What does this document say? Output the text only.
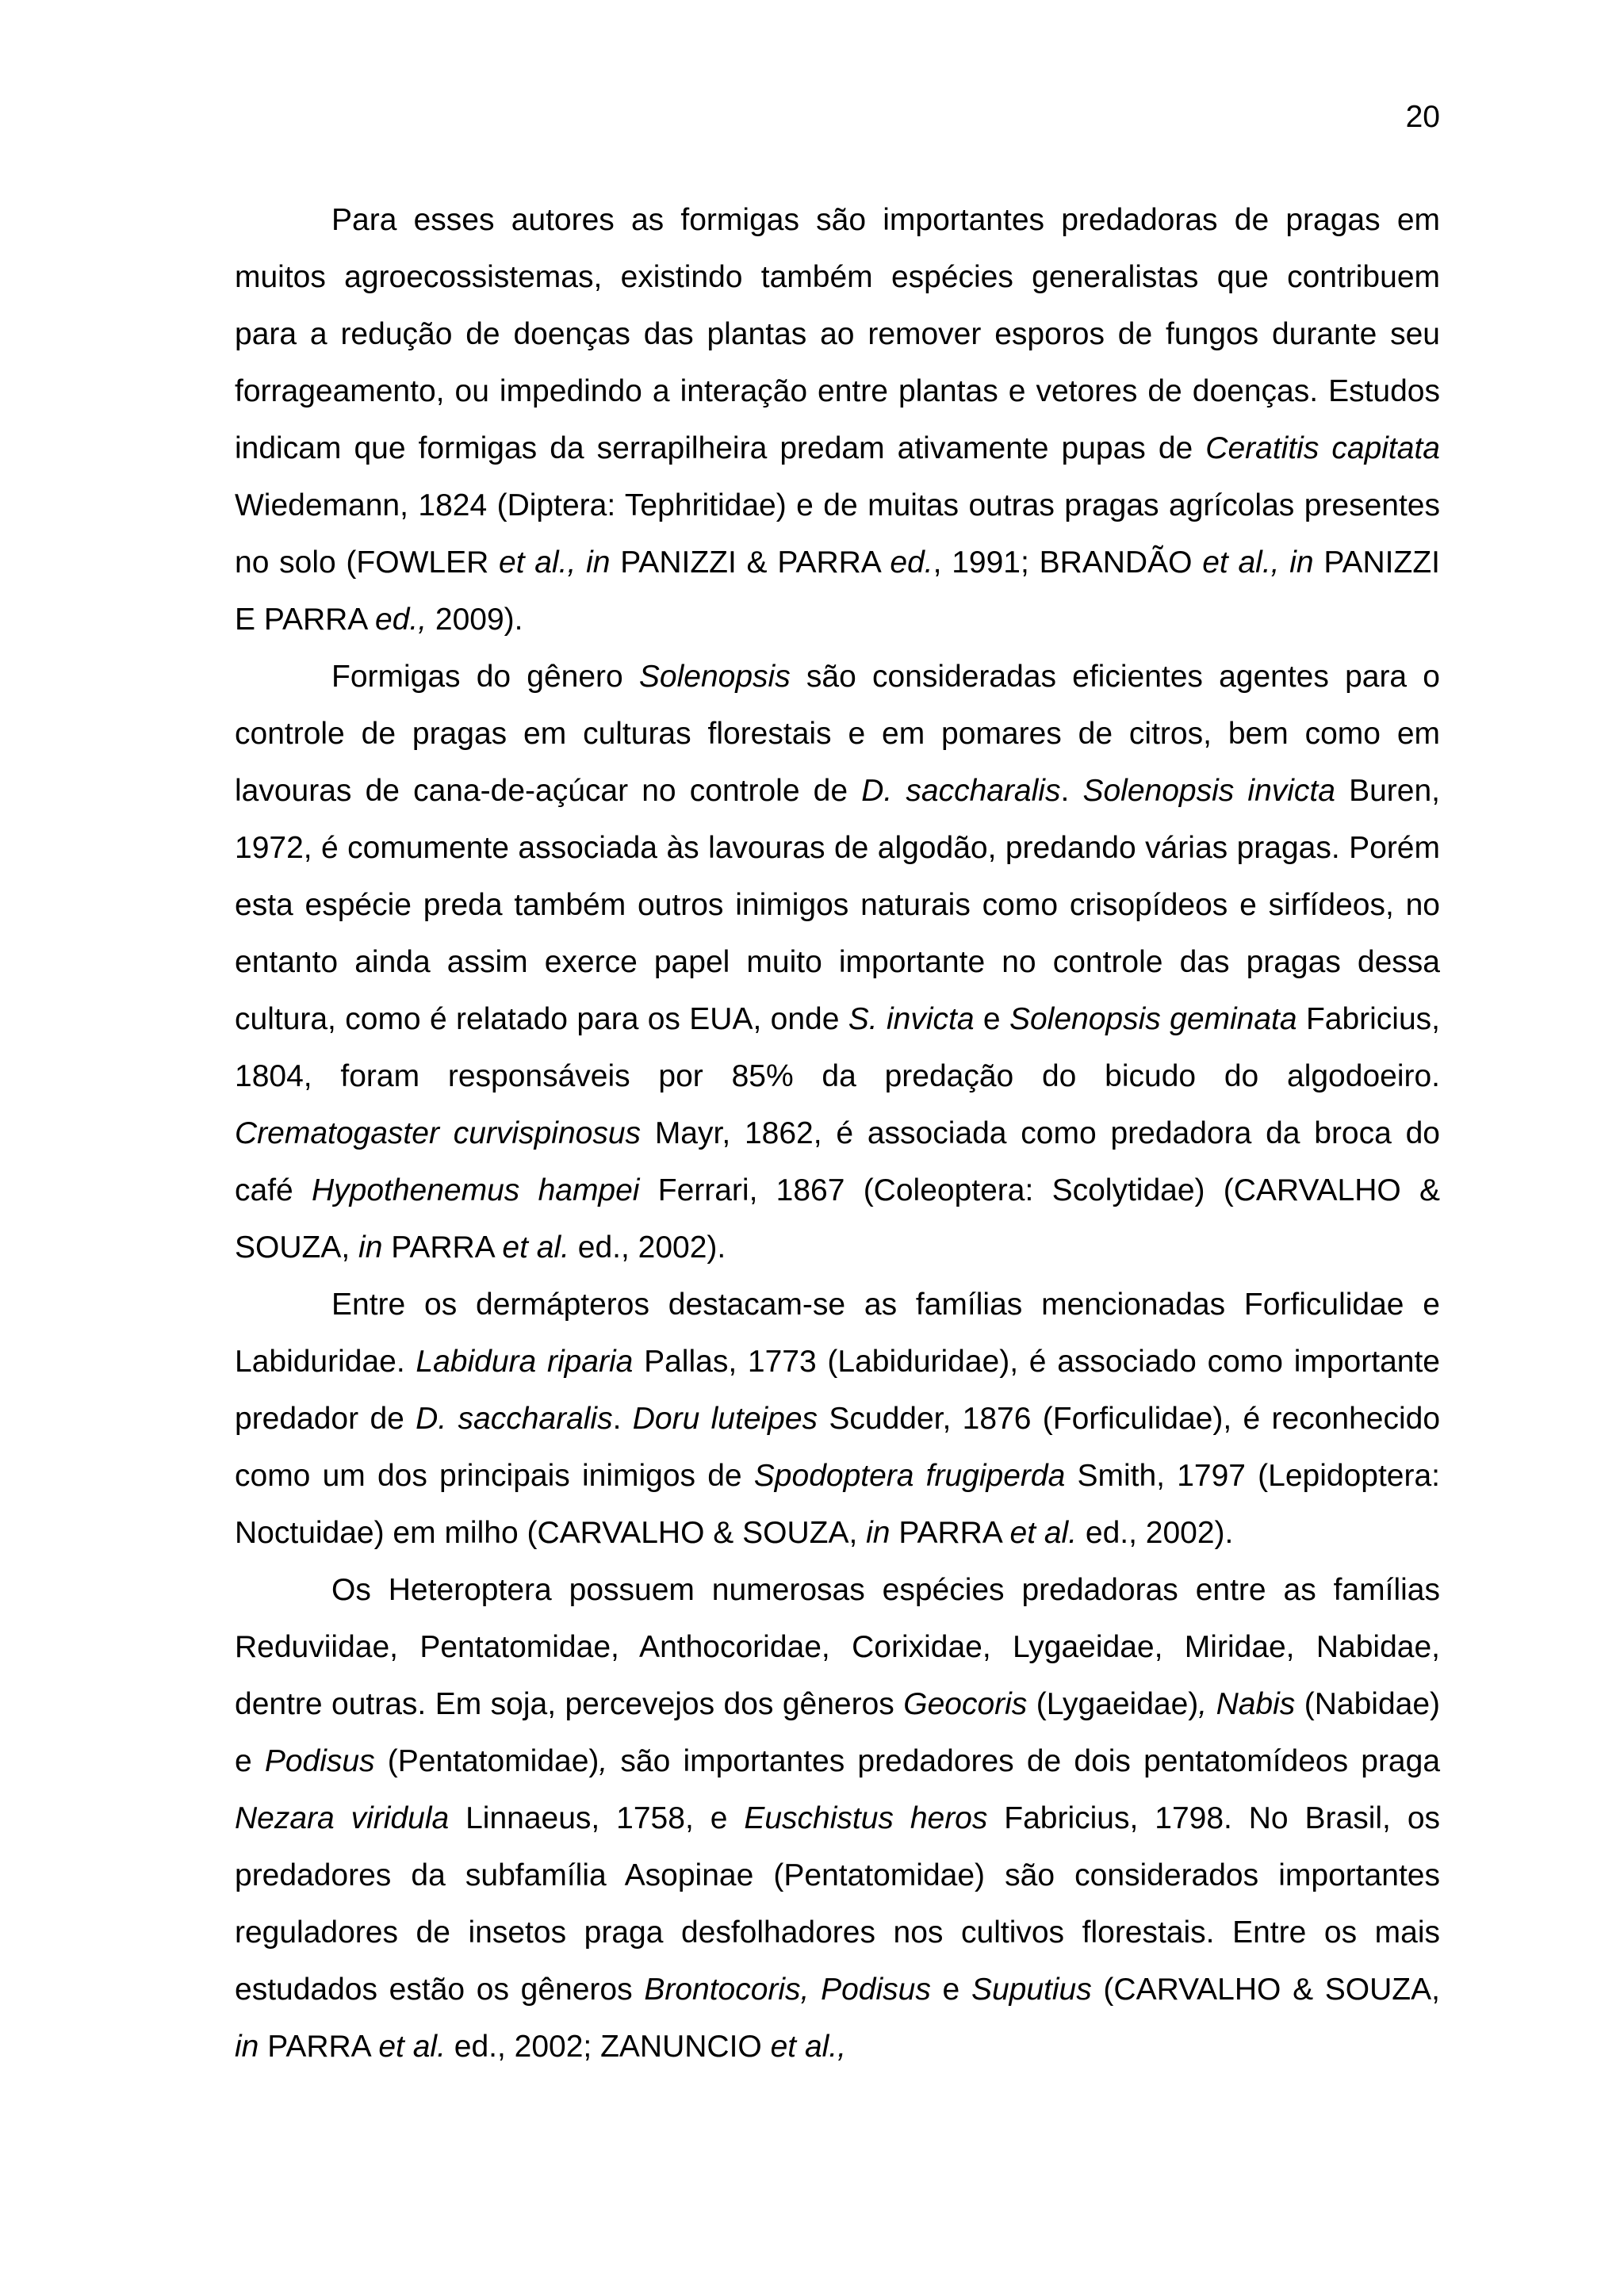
20

Para esses autores as formigas são importantes predadoras de pragas em muitos agroecossistemas, existindo também espécies generalistas que contribuem para a redução de doenças das plantas ao remover esporos de fungos durante seu forrageamento, ou impedindo a interação entre plantas e vetores de doenças. Estudos indicam que formigas da serrapilheira predam ativamente pupas de Ceratitis capitata Wiedemann, 1824 (Diptera: Tephritidae) e de muitas outras pragas agrícolas presentes no solo (FOWLER et al., in PANIZZI & PARRA ed., 1991; BRANDÃO et al., in PANIZZI E PARRA ed., 2009).

Formigas do gênero Solenopsis são consideradas eficientes agentes para o controle de pragas em culturas florestais e em pomares de citros, bem como em lavouras de cana-de-açúcar no controle de D. saccharalis. Solenopsis invicta Buren, 1972, é comumente associada às lavouras de algodão, predando várias pragas. Porém esta espécie preda também outros inimigos naturais como crisopídeos e sirfídeos, no entanto ainda assim exerce papel muito importante no controle das pragas dessa cultura, como é relatado para os EUA, onde S. invicta e Solenopsis geminata Fabricius, 1804, foram responsáveis por 85% da predação do bicudo do algodoeiro. Crematogaster curvispinosus Mayr, 1862, é associada como predadora da broca do café Hypothenemus hampei Ferrari, 1867 (Coleoptera: Scolytidae) (CARVALHO & SOUZA, in PARRA et al. ed., 2002).

Entre os dermápteros destacam-se as famílias mencionadas Forficulidae e Labiduridae. Labidura riparia Pallas, 1773 (Labiduridae), é associado como importante predador de D. saccharalis. Doru luteipes Scudder, 1876 (Forficulidae), é reconhecido como um dos principais inimigos de Spodoptera frugiperda Smith, 1797 (Lepidoptera: Noctuidae) em milho (CARVALHO & SOUZA, in PARRA et al. ed., 2002).

Os Heteroptera possuem numerosas espécies predadoras entre as famílias Reduviidae, Pentatomidae, Anthocoridae, Corixidae, Lygaeidae, Miridae, Nabidae, dentre outras. Em soja, percevejos dos gêneros Geocoris (Lygaeidae), Nabis (Nabidae) e Podisus (Pentatomidae), são importantes predadores de dois pentatomídeos praga Nezara viridula Linnaeus, 1758, e Euschistus heros Fabricius, 1798. No Brasil, os predadores da subfamília Asopinae (Pentatomidae) são considerados importantes reguladores de insetos praga desfolhadores nos cultivos florestais. Entre os mais estudados estão os gêneros Brontocoris, Podisus e Suputius (CARVALHO & SOUZA, in PARRA et al. ed., 2002; ZANUNCIO et al.,
